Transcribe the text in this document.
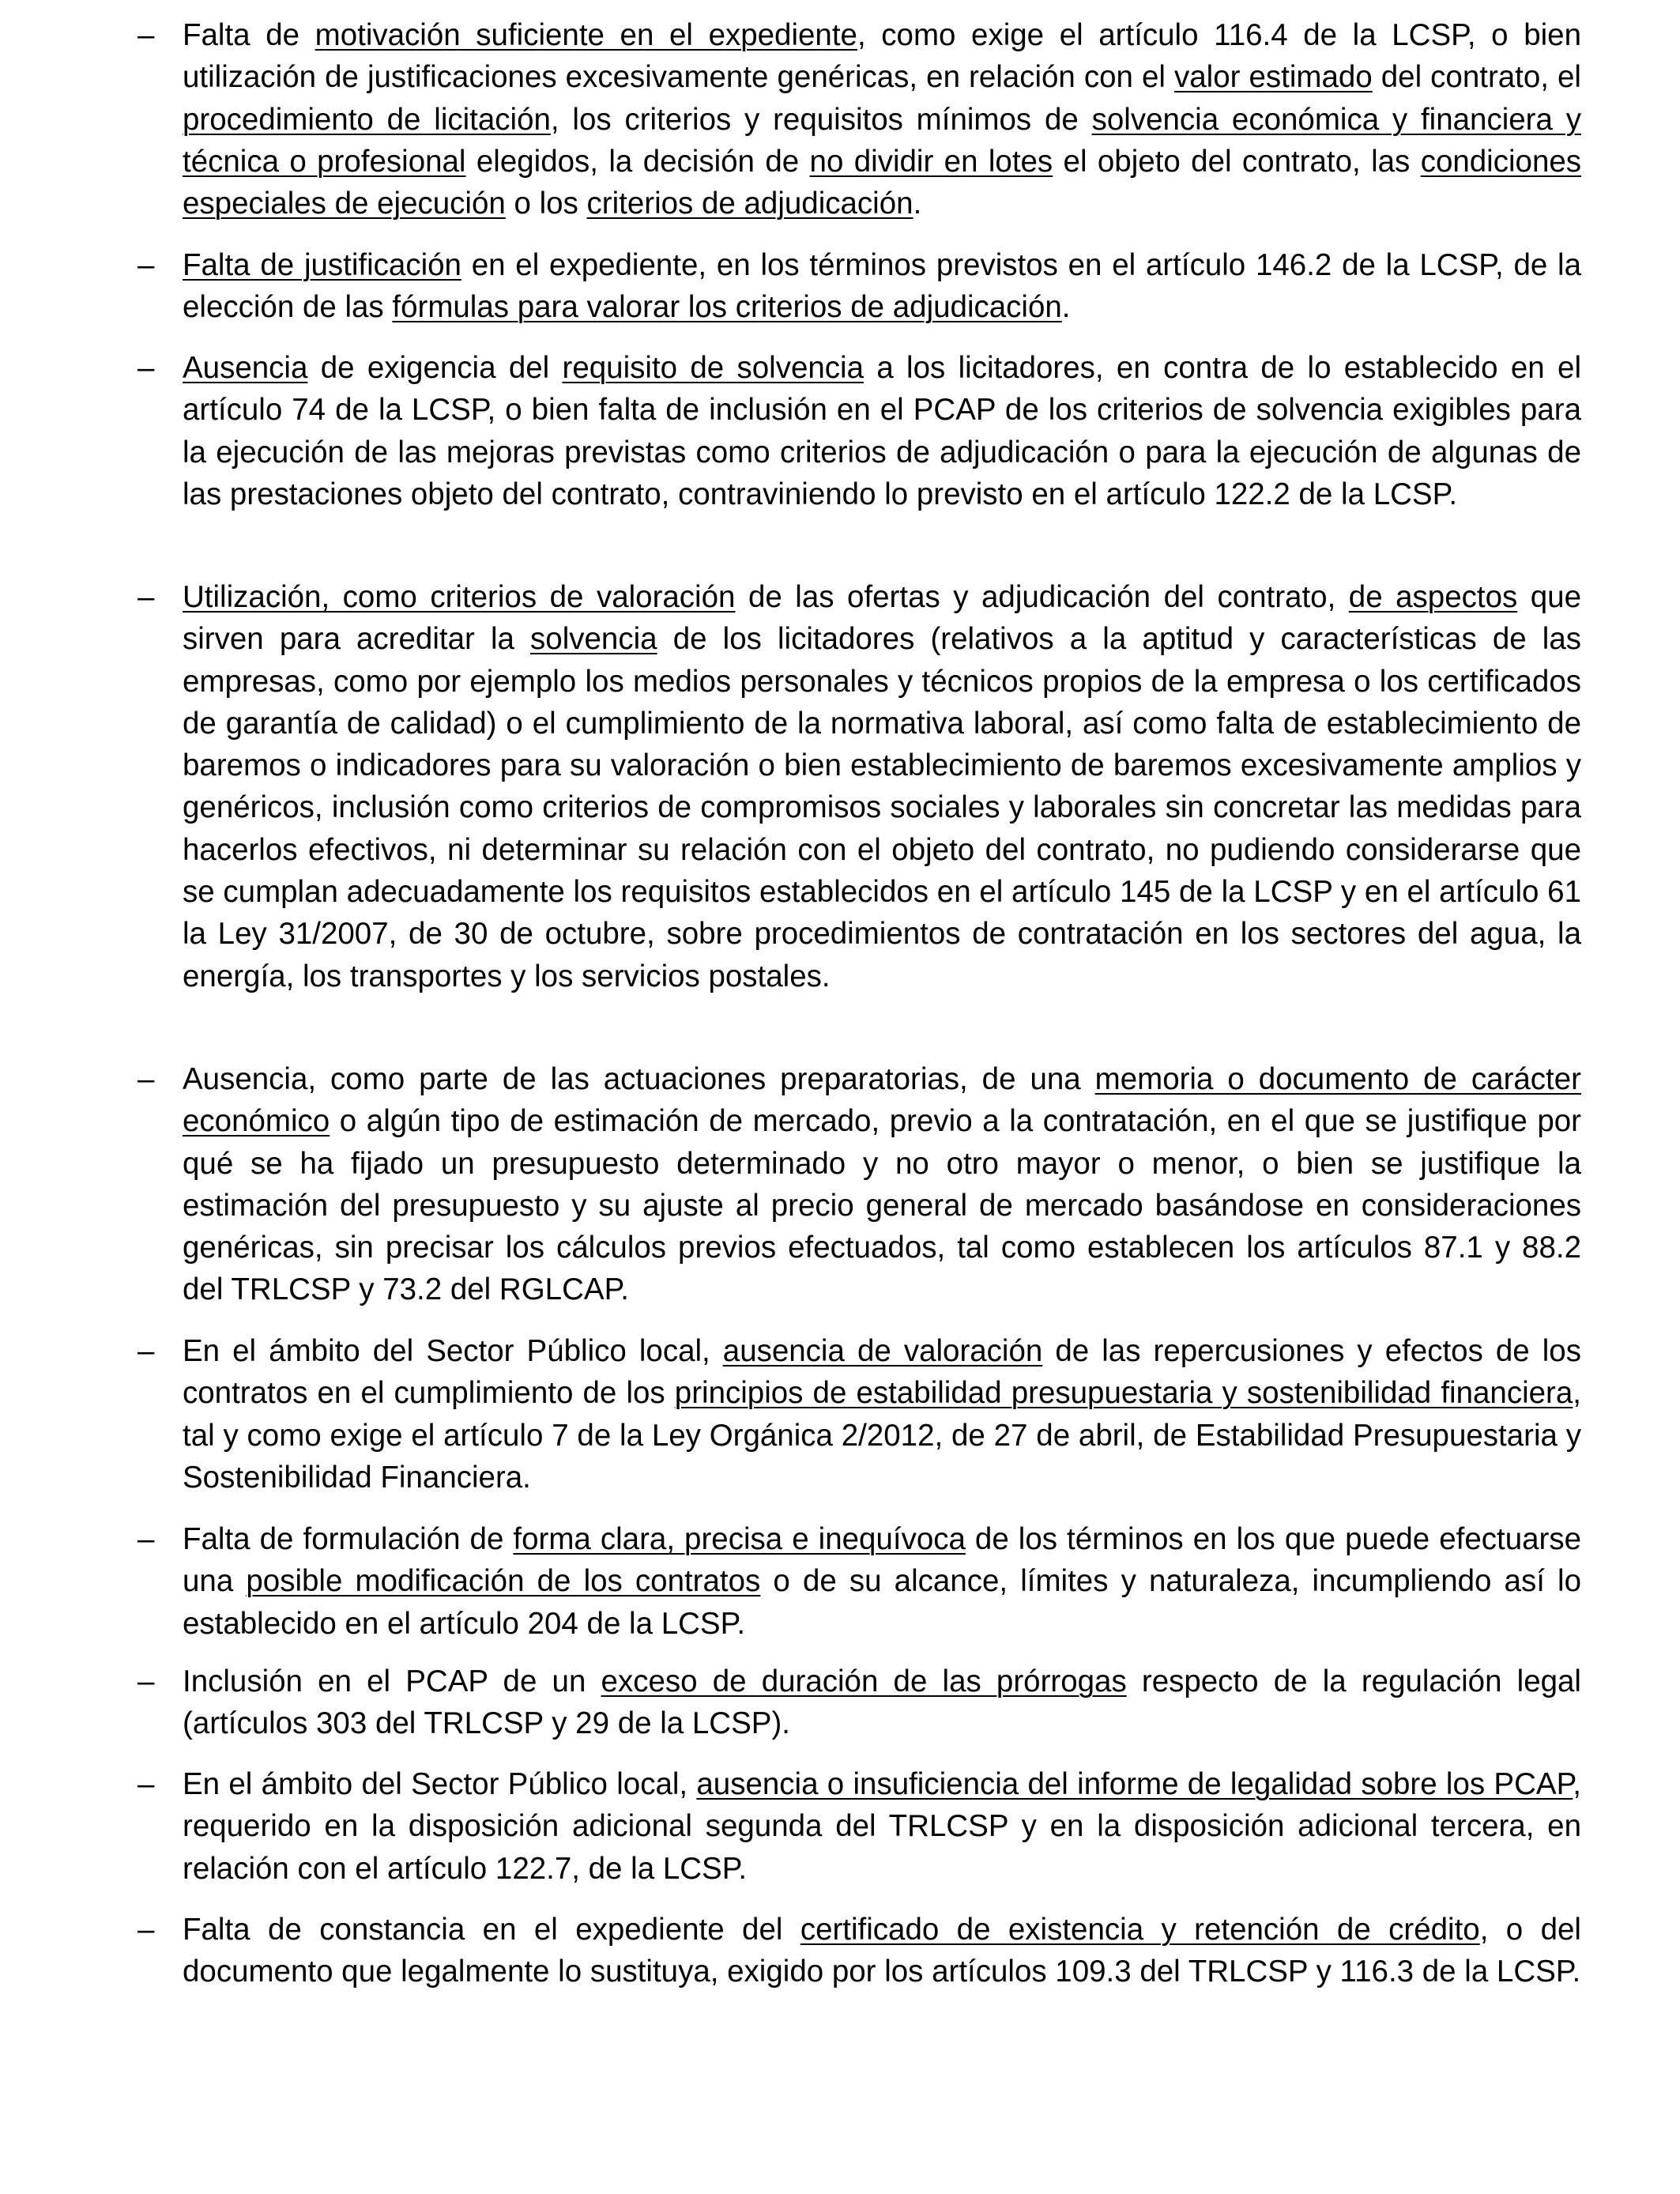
– Falta de motivación suficiente en el expediente, como exige el artículo 116.4 de la LCSP, o bien utilización de justificaciones excesivamente genéricas, en relación con el valor estimado del contrato, el procedimiento de licitación, los criterios y requisitos mínimos de solvencia económica y financiera y técnica o profesional elegidos, la decisión de no dividir en lotes el objeto del contrato, las condiciones especiales de ejecución o los criterios de adjudicación.
– Falta de justificación en el expediente, en los términos previstos en el artículo 146.2 de la LCSP, de la elección de las fórmulas para valorar los criterios de adjudicación.
– Ausencia de exigencia del requisito de solvencia a los licitadores, en contra de lo establecido en el artículo 74 de la LCSP, o bien falta de inclusión en el PCAP de los criterios de solvencia exigibles para la ejecución de las mejoras previstas como criterios de adjudicación o para la ejecución de algunas de las prestaciones objeto del contrato, contraviniendo lo previsto en el artículo 122.2 de la LCSP.
– Utilización, como criterios de valoración de las ofertas y adjudicación del contrato, de aspectos que sirven para acreditar la solvencia de los licitadores (relativos a la aptitud y características de las empresas, como por ejemplo los medios personales y técnicos propios de la empresa o los certificados de garantía de calidad) o el cumplimiento de la normativa laboral, así como falta de establecimiento de baremos o indicadores para su valoración o bien establecimiento de baremos excesivamente amplios y genéricos, inclusión como criterios de compromisos sociales y laborales sin concretar las medidas para hacerlos efectivos, ni determinar su relación con el objeto del contrato, no pudiendo considerarse que se cumplan adecuadamente los requisitos establecidos en el artículo 145 de la LCSP y en el artículo 61 la Ley 31/2007, de 30 de octubre, sobre procedimientos de contratación en los sectores del agua, la energía, los transportes y los servicios postales.
– Ausencia, como parte de las actuaciones preparatorias, de una memoria o documento de carácter económico o algún tipo de estimación de mercado, previo a la contratación, en el que se justifique por qué se ha fijado un presupuesto determinado y no otro mayor o menor, o bien se justifique la estimación del presupuesto y su ajuste al precio general de mercado basándose en consideraciones genéricas, sin precisar los cálculos previos efectuados, tal como establecen los artículos 87.1 y 88.2 del TRLCSP y 73.2 del RGLCAP.
– En el ámbito del Sector Público local, ausencia de valoración de las repercusiones y efectos de los contratos en el cumplimiento de los principios de estabilidad presupuestaria y sostenibilidad financiera, tal y como exige el artículo 7 de la Ley Orgánica 2/2012, de 27 de abril, de Estabilidad Presupuestaria y Sostenibilidad Financiera.
– Falta de formulación de forma clara, precisa e inequívoca de los términos en los que puede efectuarse una posible modificación de los contratos o de su alcance, límites y naturaleza, incumpliendo así lo establecido en el artículo 204 de la LCSP.
– Inclusión en el PCAP de un exceso de duración de las prórrogas respecto de la regulación legal (artículos 303 del TRLCSP y 29 de la LCSP).
– En el ámbito del Sector Público local, ausencia o insuficiencia del informe de legalidad sobre los PCAP, requerido en la disposición adicional segunda del TRLCSP y en la disposición adicional tercera, en relación con el artículo 122.7, de la LCSP.
– Falta de constancia en el expediente del certificado de existencia y retención de crédito, o del documento que legalmente lo sustituya, exigido por los artículos 109.3 del TRLCSP y 116.3 de la LCSP.
